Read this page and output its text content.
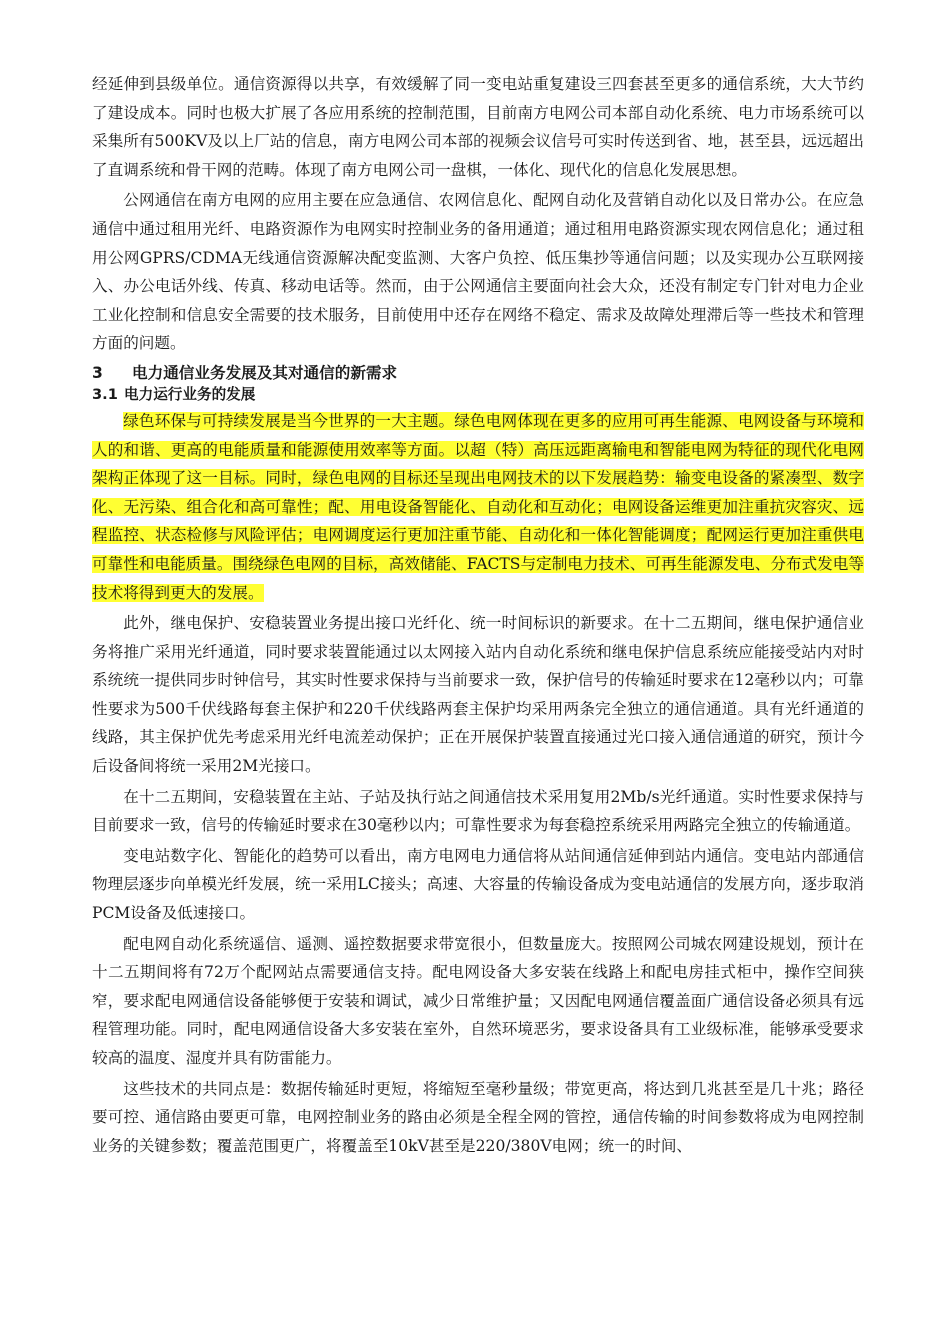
经延伸到县级单位。通信资源得以共享，有效缓解了同一变电站重复建设三四套甚至更多的通信系统，大大节约了建设成本。同时也极大扩展了各应用系统的控制范围，目前南方电网公司本部自动化系统、电力市场系统可以采集所有500KV及以上厂站的信息，南方电网公司本部的视频会议信号可实时传送到省、地，甚至县，远远超出了直调系统和骨干网的范畴。体现了南方电网公司一盘棋，一体化、现代化的信息化发展思想。

公网通信在南方电网的应用主要在应急通信、农网信息化、配网自动化及营销自动化以及日常办公。在应急通信中通过租用光纤、电路资源作为电网实时控制业务的备用通道；通过租用电路资源实现农网信息化；通过租用公网GPRS/CDMA无线通信资源解决配变监测、大客户负控、低压集抄等通信问题；以及实现办公互联网接入、办公电话外线、传真、移动电话等。然而，由于公网通信主要面向社会大众，还没有制定专门针对电力企业工业化控制和信息安全需要的技术服务，目前使用中还存在网络不稳定、需求及故障处理滞后等一些技术和管理方面的问题。

3 电力通信业务发展及其对通信的新需求
3.1 电力运行业务的发展

绿色环保与可持续发展是当今世界的一大主题。绿色电网体现在更多的应用可再生能源、电网设备与环境和人的和谐、更高的电能质量和能源使用效率等方面。以超（特）高压远距离输电和智能电网为特征的现代化电网架构正体现了这一目标。同时，绿色电网的目标还呈现出电网技术的以下发展趋势：输变电设备的紧凑型、数字化、无污染、组合化和高可靠性；配、用电设备智能化、自动化和互动化；电网设备运维更加注重抗灾容灾、远程监控、状态检修与风险评估；电网调度运行更加注重节能、自动化和一体化智能调度；配网运行更加注重供电可靠性和电能质量。围绕绿色电网的目标，高效储能、FACTS与定制电力技术、可再生能源发电、分布式发电等技术将得到更大的发展。

此外，继电保护、安稳装置业务提出接口光纤化、统一时间标识的新要求。在十二五期间，继电保护通信业务将推广采用光纤通道，同时要求装置能通过以太网接入站内自动化系统和继电保护信息系统应能接受站内对时系统统一提供同步时钟信号，其实时性要求保持与当前要求一致，保护信号的传输延时要求在12毫秒以内；可靠性要求为500千伏线路每套主保护和220千伏线路两套主保护均采用两条完全独立的通信通道。具有光纤通道的线路，其主保护优先考虑采用光纤电流差动保护；正在开展保护装置直接通过光口接入通信通道的研究，预计今后设备间将统一采用2M光接口。

在十二五期间，安稳装置在主站、子站及执行站之间通信技术采用复用2Mb/s光纤通道。实时性要求保持与目前要求一致，信号的传输延时要求在30毫秒以内；可靠性要求为每套稳控系统采用两路完全独立的传输通道。

变电站数字化、智能化的趋势可以看出，南方电网电力通信将从站间通信延伸到站内通信。变电站内部通信物理层逐步向单模光纤发展，统一采用LC接头；高速、大容量的传输设备成为变电站通信的发展方向，逐步取消PCM设备及低速接口。

配电网自动化系统遥信、遥测、遥控数据要求带宽很小，但数量庞大。按照网公司城农网建设规划，预计在十二五期间将有72万个配网站点需要通信支持。配电网设备大多安装在线路上和配电房挂式柜中，操作空间狭窄，要求配电网通信设备能够便于安装和调试，减少日常维护量；又因配电网通信覆盖面广通信设备必须具有远程管理功能。同时，配电网通信设备大多安装在室外，自然环境恶劣，要求设备具有工业级标准，能够承受要求较高的温度、湿度并具有防雷能力。

这些技术的共同点是：数据传输延时更短，将缩短至毫秒量级；带宽更高，将达到几兆甚至是几十兆；路径要可控、通信路由要更可靠，电网控制业务的路由必须是全程全网的管控，通信传输的时间参数将成为电网控制业务的关键参数；覆盖范围更广，将覆盖至10kV甚至是220/380V电网；统一的时间、
